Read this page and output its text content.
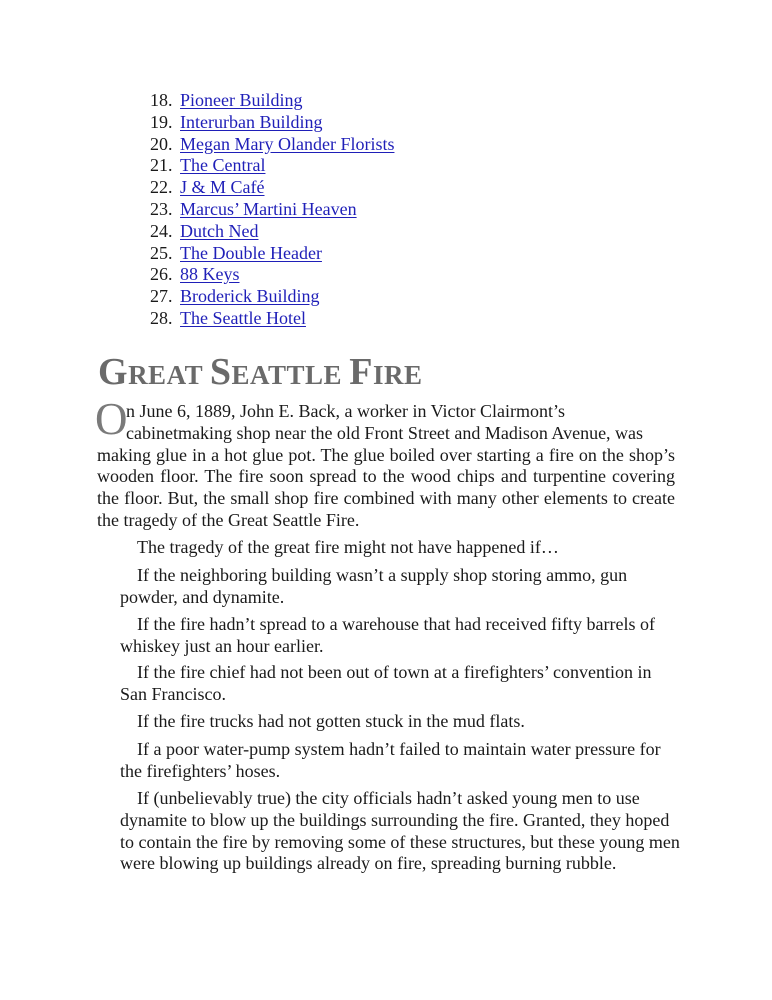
18. Pioneer Building
19. Interurban Building
20. Megan Mary Olander Florists
21. The Central
22. J & M Café
23. Marcus’ Martini Heaven
24. Dutch Ned
25. The Double Header
26. 88 Keys
27. Broderick Building
28. The Seattle Hotel
GREAT SEATTLE FIRE

O
n June 6, 1889, John E. Back, a worker in Victor Clairmont’s
cabinetmaking shop near the old Front Street and Madison Avenue, was
making glue in a hot glue pot. The glue boiled over starting a fire on the shop’s wooden floor. The fire soon spread to the wood chips and turpentine covering the floor. But, the small shop fire combined with many other elements to create the tragedy of the Great Seattle Fire.

The tragedy of the great fire might not have happened if…

If the neighboring building wasn’t a supply shop storing ammo, gun powder, and dynamite.

If the fire hadn’t spread to a warehouse that had received fifty barrels of whiskey just an hour earlier.

If the fire chief had not been out of town at a firefighters’ convention in San Francisco.

If the fire trucks had not gotten stuck in the mud flats.

If a poor water-pump system hadn’t failed to maintain water pressure for the firefighters’ hoses.

If (unbelievably true) the city officials hadn’t asked young men to use dynamite to blow up the buildings surrounding the fire. Granted, they hoped to contain the fire by removing some of these structures, but these young men were blowing up buildings already on fire, spreading burning rubble.
